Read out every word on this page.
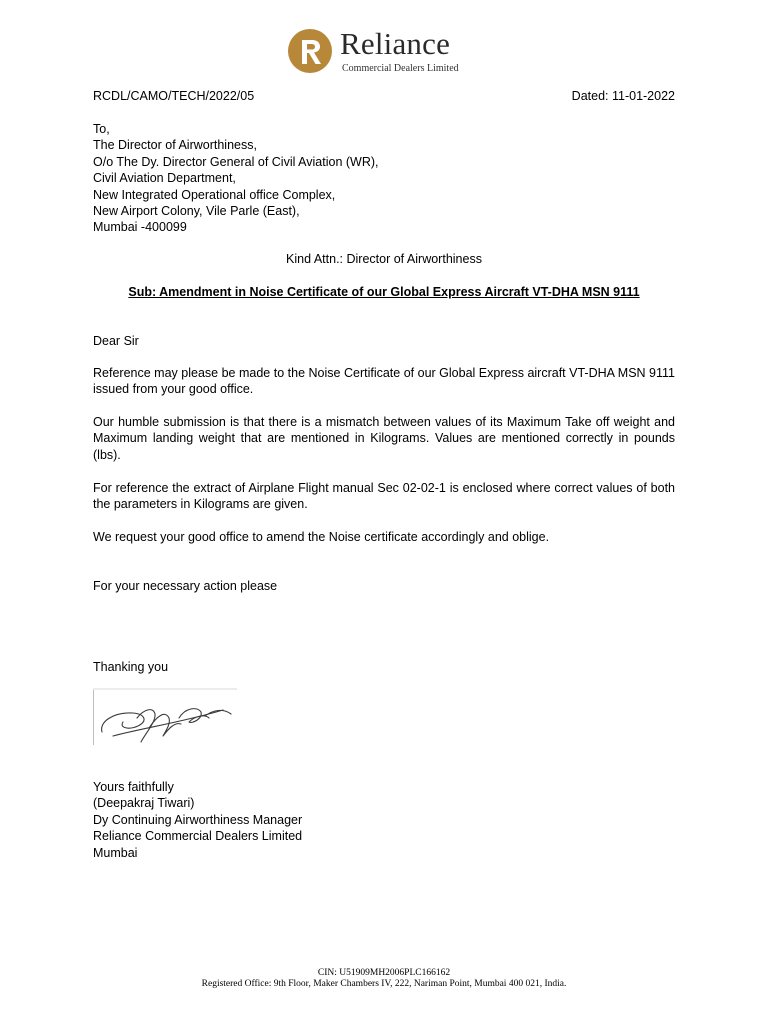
Reliance
Commercial Dealers Limited
RCDL/CAMO/TECH/2022/05	Dated: 11-01-2022
To,
The Director of Airworthiness,
O/o The Dy. Director General of Civil Aviation (WR),
Civil Aviation Department,
New Integrated Operational office Complex,
New Airport Colony, Vile Parle (East),
Mumbai -400099
Kind Attn.: Director of Airworthiness
Sub: Amendment in Noise Certificate of our Global Express Aircraft VT-DHA MSN 9111
Dear Sir
Reference may please be made to the Noise Certificate of our Global Express aircraft VT-DHA MSN 9111 issued from your good office.
Our humble submission is that there is a mismatch between values of its Maximum Take off weight and Maximum landing weight that are mentioned in Kilograms. Values are mentioned correctly in pounds (lbs).
For reference the extract of Airplane Flight manual Sec 02-02-1 is enclosed where correct values of both the parameters in Kilograms are given.
We request your good office to amend the Noise certificate accordingly and oblige.
For your necessary action please
Thanking you
Yours faithfully
(Deepakraj Tiwari)
Dy Continuing Airworthiness Manager
Reliance Commercial Dealers Limited
Mumbai
CIN: U51909MH2006PLC166162
Registered Office: 9th Floor, Maker Chambers IV, 222, Nariman Point, Mumbai 400 021, India.
